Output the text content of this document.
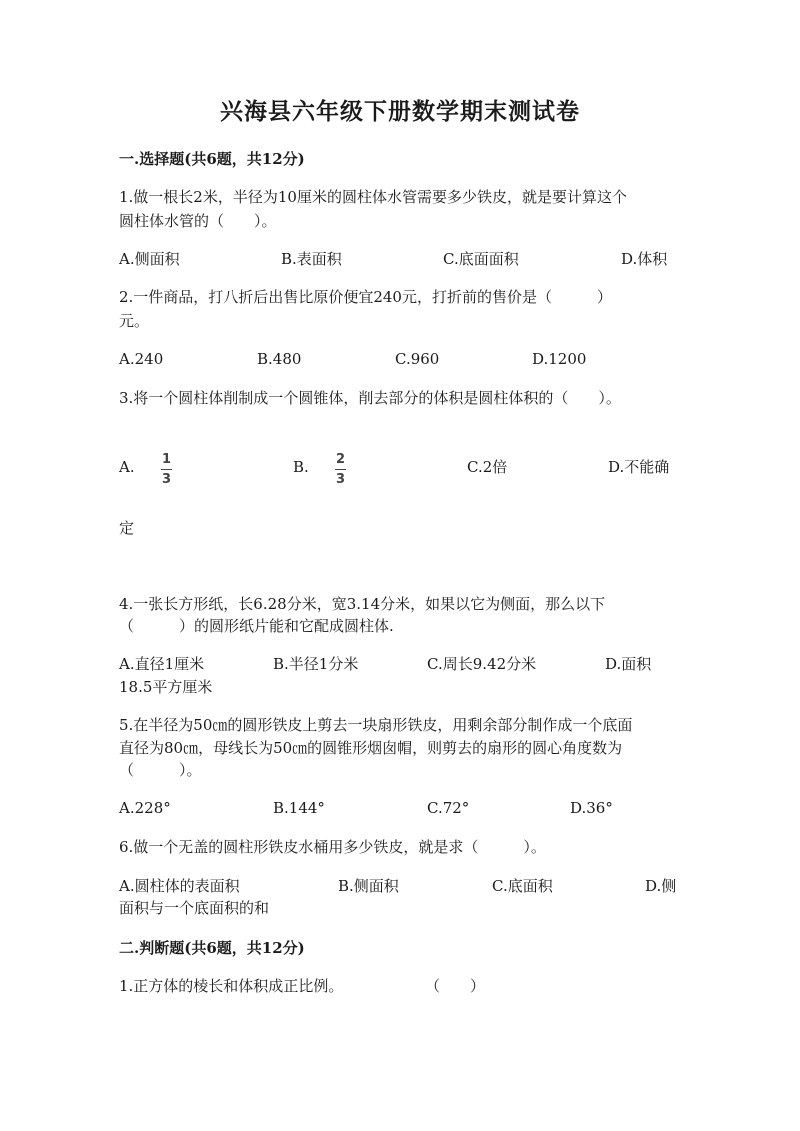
兴海县六年级下册数学期末测试卷
一.选择题(共6题，共12分)
1.做一根长2米，半径为10厘米的圆柱体水管需要多少铁皮，就是要计算这个
圆柱体水管的（　　）。
A.侧面积	B.表面积	C.底面面积	D.体积
2.一件商品，打八折后出售比原价便宜240元，打折前的售价是（　　　）
元。
A.240	B.480	C.960	D.1200
3.将一个圆柱体削制成一个圆锥体，削去部分的体积是圆柱体积的（　　）。
A. 1
3
B. 2
3
C.2倍	D.不能确
定
4.一张长方形纸，长6.28分米，宽3.14分米，如果以它为侧面，那么以下
（　　　）的圆形纸片能和它配成圆柱体.
A.直径1厘米	B.半径1分米	C.周长9.42分米	D.面积
18.5平方厘米
5.在半径为50㎝的圆形铁皮上剪去一块扇形铁皮，用剩余部分制作成一个底面
直径为80㎝，母线长为50㎝的圆锥形烟囱帽，则剪去的扇形的圆心角度数为
（　　　）。
A.228°	B.144°	C.72°	D.36°
6.做一个无盖的圆柱形铁皮水桶用多少铁皮，就是求（　　　）。
A.圆柱体的表面积	B.侧面积	C.底面积	D.侧
面积与一个底面积的和
二.判断题(共6题，共12分)
1.正方体的棱长和体积成正比例。	（　　）
